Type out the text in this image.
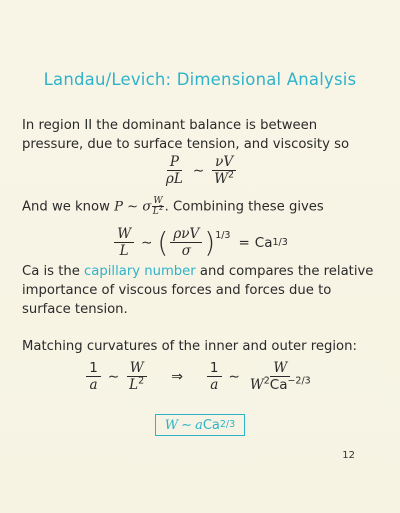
Landau/Levich: Dimensional Analysis
In region II the dominant balance is between pressure, due to surface tension, and viscosity so
$\frac{P}{\rho L}$ ∼ $\frac{\nu V}{W^2}$
And we know P ∼ σ $\frac{W}{L^2}$ . Combining these gives
$\frac{W}{L}$ ∼ ( $\frac{\text{ρνV}}{\sigma} )^{1/3} = Ca$ 1/3
Ca is the capillary number and compares the relative importance of viscous forces and forces due to surface tension.
Matching curvatures of the inner and outer region:
$\frac{1}{a}$ ∼ $\frac{W}{L^2}$ ⇒ $\frac{1}{a}$ ∼ $\frac{W}{W^2Ca^{-2/3}}$
W ∼ a Ca 2/3
12
